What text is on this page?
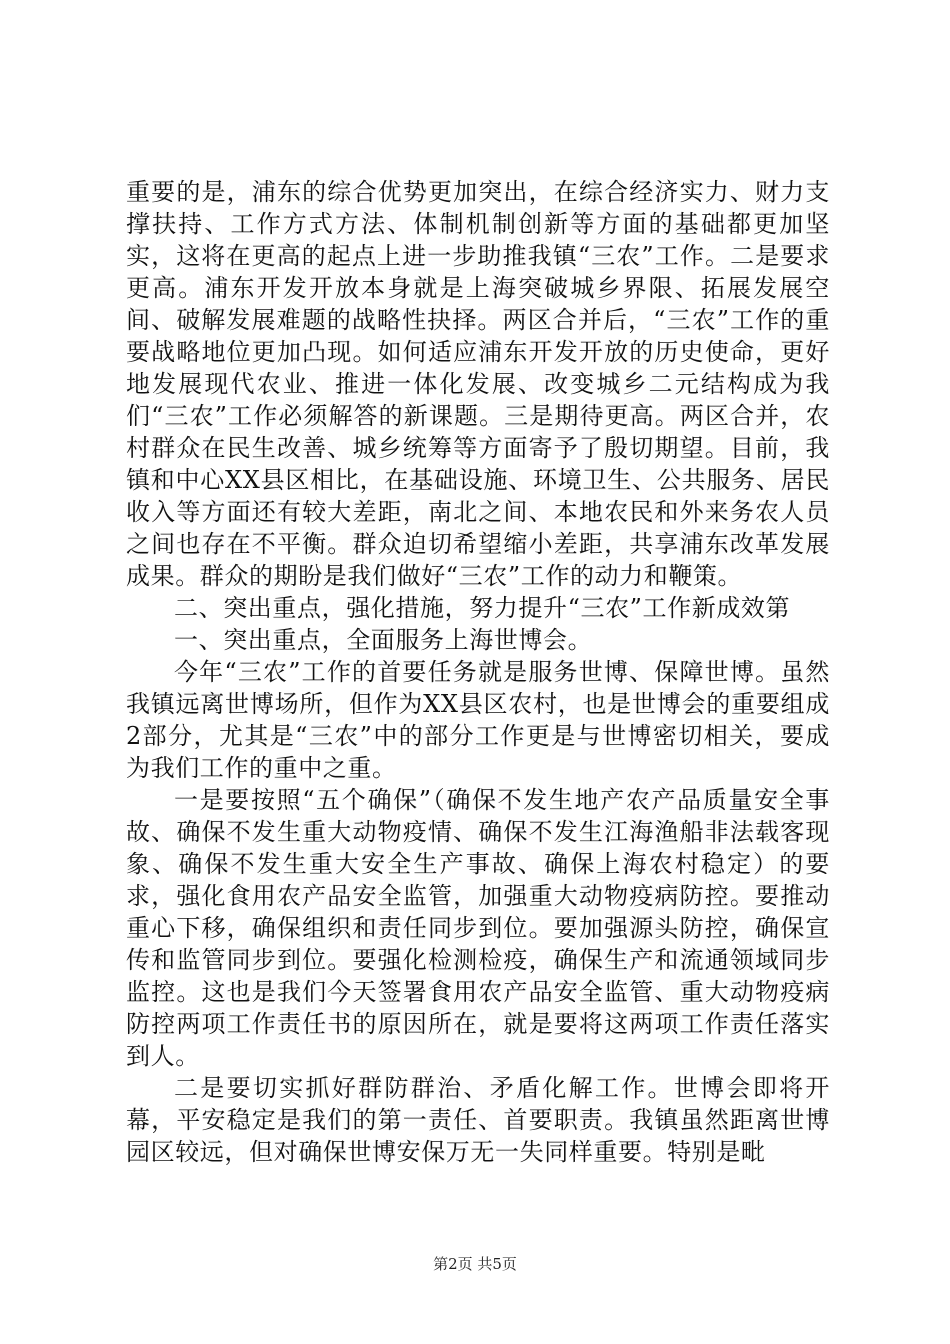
重要的是，浦东的综合优势更加突出，在综合经济实力、财力支撑扶持、工作方式方法、体制机制创新等方面的基础都更加坚实，这将在更高的起点上进一步助推我镇“三农”工作。二是要求更高。浦东开发开放本身就是上海突破城乡界限、拓展发展空间、破解发展难题的战略性抉择。两区合并后，“三农”工作的重要战略地位更加凸现。如何适应浦东开发开放的历史使命，更好地发展现代农业、推进一体化发展、改变城乡二元结构成为我们“三农”工作必须解答的新课题。三是期待更高。两区合并，农村群众在民生改善、城乡统筹等方面寄予了殷切期望。目前，我镇和中心XX县区相比，在基础设施、环境卫生、公共服务、居民收入等方面还有较大差距，南北之间、本地农民和外来务农人员之间也存在不平衡。群众迫切希望缩小差距，共享浦东改革发展成果。群众的期盼是我们做好“三农”工作的动力和鞭策。

二、突出重点，强化措施，努力提升“三农”工作新成效第

一、突出重点，全面服务上海世博会。

今年“三农”工作的首要任务就是服务世博、保障世博。虽然我镇远离世博场所，但作为XX县区农村，也是世博会的重要组成2部分，尤其是“三农”中的部分工作更是与世博密切相关，要成为我们工作的重中之重。

一是要按照“五个确保”（确保不发生地产农产品质量安全事故、确保不发生重大动物疫情、确保不发生江海渔船非法载客现象、确保不发生重大安全生产事故、确保上海农村稳定）的要求，强化食用农产品安全监管，加强重大动物疫病防控。要推动重心下移，确保组织和责任同步到位。要加强源头防控，确保宣传和监管同步到位。要强化检测检疫，确保生产和流通领域同步监控。这也是我们今天签署食用农产品安全监管、重大动物疫病防控两项工作责任书的原因所在，就是要将这两项工作责任落实到人。

二是要切实抓好群防群治、矛盾化解工作。世博会即将开幕，平安稳定是我们的第一责任、首要职责。我镇虽然距离世博园区较远，但对确保世博安保万无一失同样重要。特别是毗

第2页 共5页
